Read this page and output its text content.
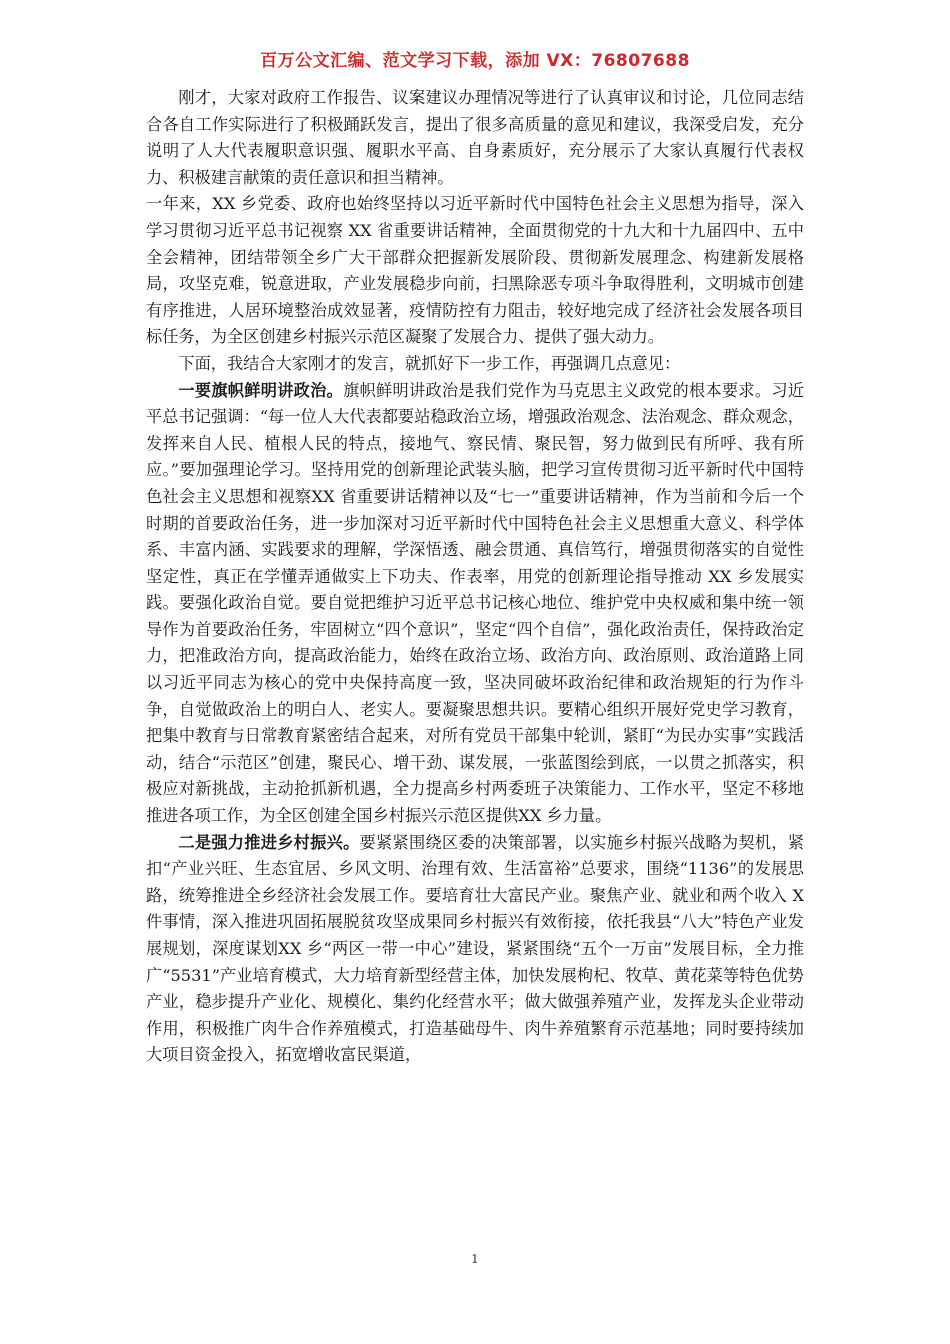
百万公文汇编、范文学习下载，添加 VX：76807688

刚才，大家对政府工作报告、议案建议办理情况等进行了认真审议和讨论，几位同志结合各自工作实际进行了积极踊跃发言，提出了很多高质量的意见和建议，我深受启发，充分说明了人大代表履职意识强、履职水平高、自身素质好，充分展示了大家认真履行代表权力、积极建言献策的责任意识和担当精神。

一年来，XX 乡党委、政府也始终坚持以习近平新时代中国特色社会主义思想为指导，深入学习贯彻习近平总书记视察 XX 省重要讲话精神，全面贯彻党的十九大和十九届四中、五中全会精神，团结带领全乡广大干部群众把握新发展阶段、贯彻新发展理念、构建新发展格局，攻坚克难，锐意进取，产业发展稳步向前，扫黑除恶专项斗争取得胜利，文明城市创建有序推进，人居环境整治成效显著，疫情防控有力阻击，较好地完成了经济社会发展各项目标任务，为全区创建乡村振兴示范区凝聚了发展合力、提供了强大动力。

下面，我结合大家刚才的发言，就抓好下一步工作，再强调几点意见：

一要旗帜鲜明讲政治。旗帜鲜明讲政治是我们党作为马克思主义政党的根本要求。习近平总书记强调：“每一位人大代表都要站稳政治立场，增强政治观念、法治观念、群众观念，发挥来自人民、植根人民的特点，接地气、察民情、聚民智，努力做到民有所呼、我有所应。”要加强理论学习。坚持用党的创新理论武装头脑，把学习宣传贯彻习近平新时代中国特色社会主义思想和视察XX 省重要讲话精神以及“七一”重要讲话精神，作为当前和今后一个时期的首要政治任务，进一步加深对习近平新时代中国特色社会主义思想重大意义、科学体系、丰富内涵、实践要求的理解，学深悟透、融会贯通、真信笃行，增强贯彻落实的自觉性坚定性，真正在学懂弄通做实上下功夫、作表率，用党的创新理论指导推动 XX 乡发展实践。要强化政治自觉。要自觉把维护习近平总书记核心地位、维护党中央权威和集中统一领导作为首要政治任务，牢固树立“四个意识”，坚定“四个自信”，强化政治责任，保持政治定力，把准政治方向，提高政治能力，始终在政治立场、政治方向、政治原则、政治道路上同以习近平同志为核心的党中央保持高度一致，坚决同破坏政治纪律和政治规矩的行为作斗争，自觉做政治上的明白人、老实人。要凝聚思想共识。要精心组织开展好党史学习教育，把集中教育与日常教育紧密结合起来，对所有党员干部集中轮训，紧盯“为民办实事”实践活动，结合“示范区”创建，聚民心、增干劲、谋发展，一张蓝图绘到底，一以贯之抓落实，积极应对新挑战，主动抢抓新机遇，全力提高乡村两委班子决策能力、工作水平，坚定不移地推进各项工作，为全区创建全国乡村振兴示范区提供XX 乡力量。

二是强力推进乡村振兴。要紧紧围绕区委的决策部署，以实施乡村振兴战略为契机，紧扣“产业兴旺、生态宜居、乡风文明、治理有效、生活富裕”总要求，围绕“1136”的发展思路，统筹推进全乡经济社会发展工作。要培育壮大富民产业。聚焦产业、就业和两个收入 X 件事情，深入推进巩固拓展脱贫攻坚成果同乡村振兴有效衔接，依托我县“八大”特色产业发展规划，深度谋划XX 乡“两区一带一中心”建设，紧紧围绕“五个一万亩”发展目标，全力推广“5531”产业培育模式，大力培育新型经营主体，加快发展枸杞、牧草、黄花菜等特色优势产业，稳步提升产业化、规模化、集约化经营水平；做大做强养殖产业，发挥龙头企业带动作用，积极推广肉牛合作养殖模式，打造基础母牛、肉牛养殖繁育示范基地；同时要持续加大项目资金投入，拓宽增收富民渠道，

1
